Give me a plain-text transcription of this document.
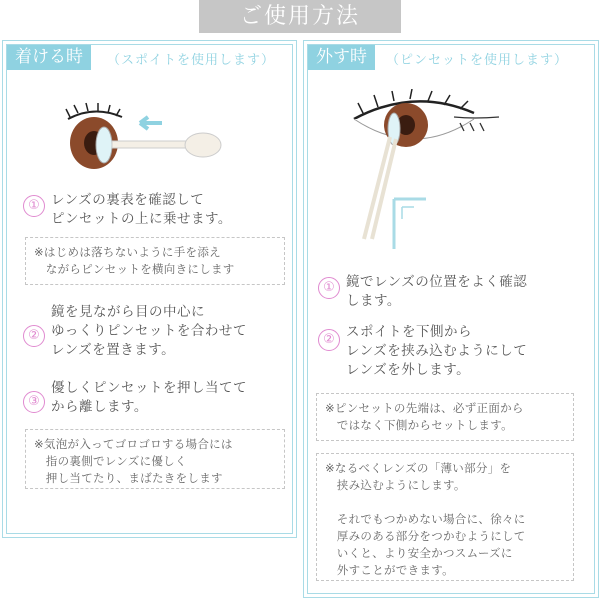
ご使用方法
着ける時	（スポイトを使用します）
① レンズの裏表を確認して
ピンセットの上に乗せます。
※はじめは落ちないように手を添え
　ながらピンセットを横向きにします
②
鏡を見ながら目の中心に
ゆっくりピンセットを合わせて
レンズを置きます。
③
優しくピンセットを押し当てて
から離します。
※気泡が入ってゴロゴロする場合には
　指の裏側でレンズに優しく
　押し当てたり、まばたきをします
外す時	（ピンセットを使用します）
① 鏡でレンズの位置をよく確認
します。
② スポイトを下側から
レンズを挟み込むようにして
レンズを外します。
※ピンセットの先端は、必ず正面から
　ではなく下側からセットします。
※なるべくレンズの「薄い部分」を
　挟み込むようにします。

　それでもつかめない場合に、徐々に
　厚みのある部分をつかむようにして
　いくと、より安全かつスムーズに
　外すことができます。
